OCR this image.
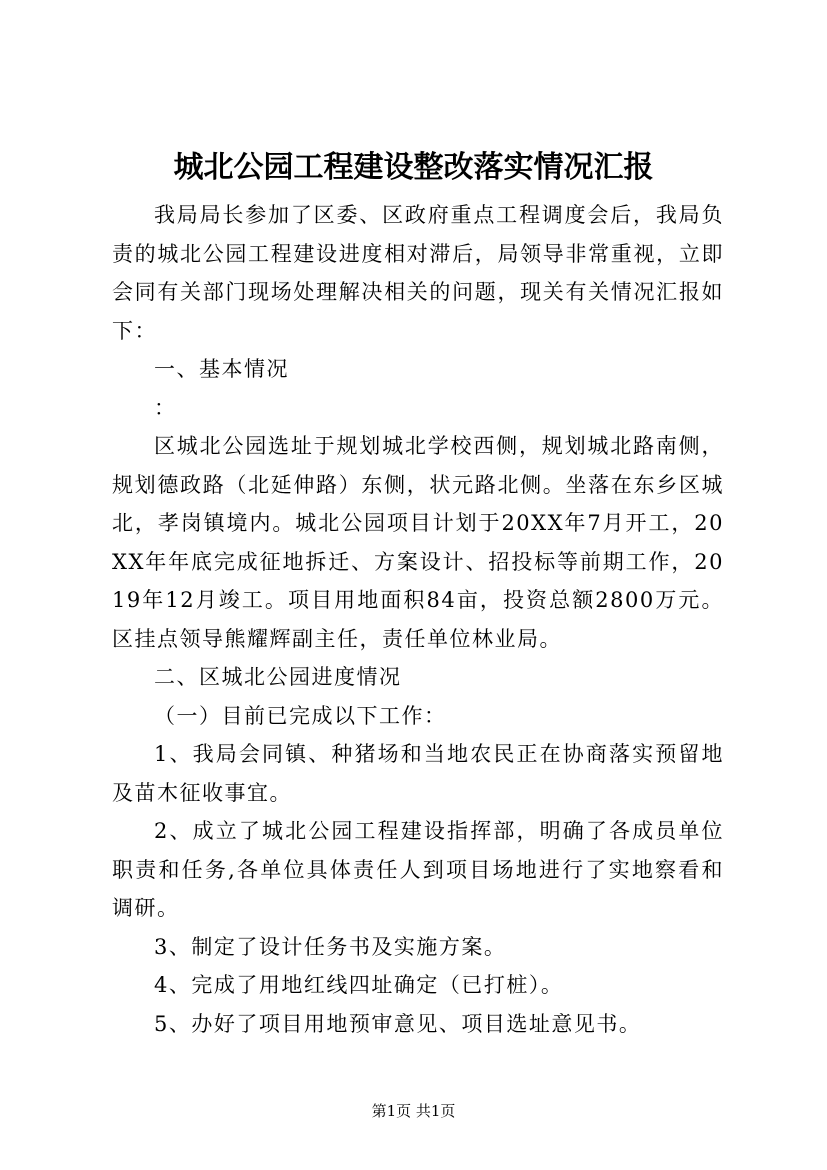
城北公园工程建设整改落实情况汇报

我局局长参加了区委、区政府重点工程调度会后，我局负责的城北公园工程建设进度相对滞后，局领导非常重视，立即会同有关部门现场处理解决相关的问题，现关有关情况汇报如下：

一、基本情况

：

区城北公园选址于规划城北学校西侧，规划城北路南侧，规划德政路（北延伸路）东侧，状元路北侧。坐落在东乡区城北，孝岗镇境内。城北公园项目计划于20XX年7月开工，20XX年年底完成征地拆迁、方案设计、招投标等前期工作，2019年12月竣工。项目用地面积84亩，投资总额2800万元。区挂点领导熊耀辉副主任，责任单位林业局。

二、区城北公园进度情况

（一）目前已完成以下工作：

1、我局会同镇、种猪场和当地农民正在协商落实预留地及苗木征收事宜。

2、成立了城北公园工程建设指挥部，明确了各成员单位职责和任务,各单位具体责任人到项目场地进行了实地察看和调研。

3、制定了设计任务书及实施方案。

4、完成了用地红线四址确定（已打桩）。

5、办好了项目用地预审意见、项目选址意见书。

第1页 共1页
